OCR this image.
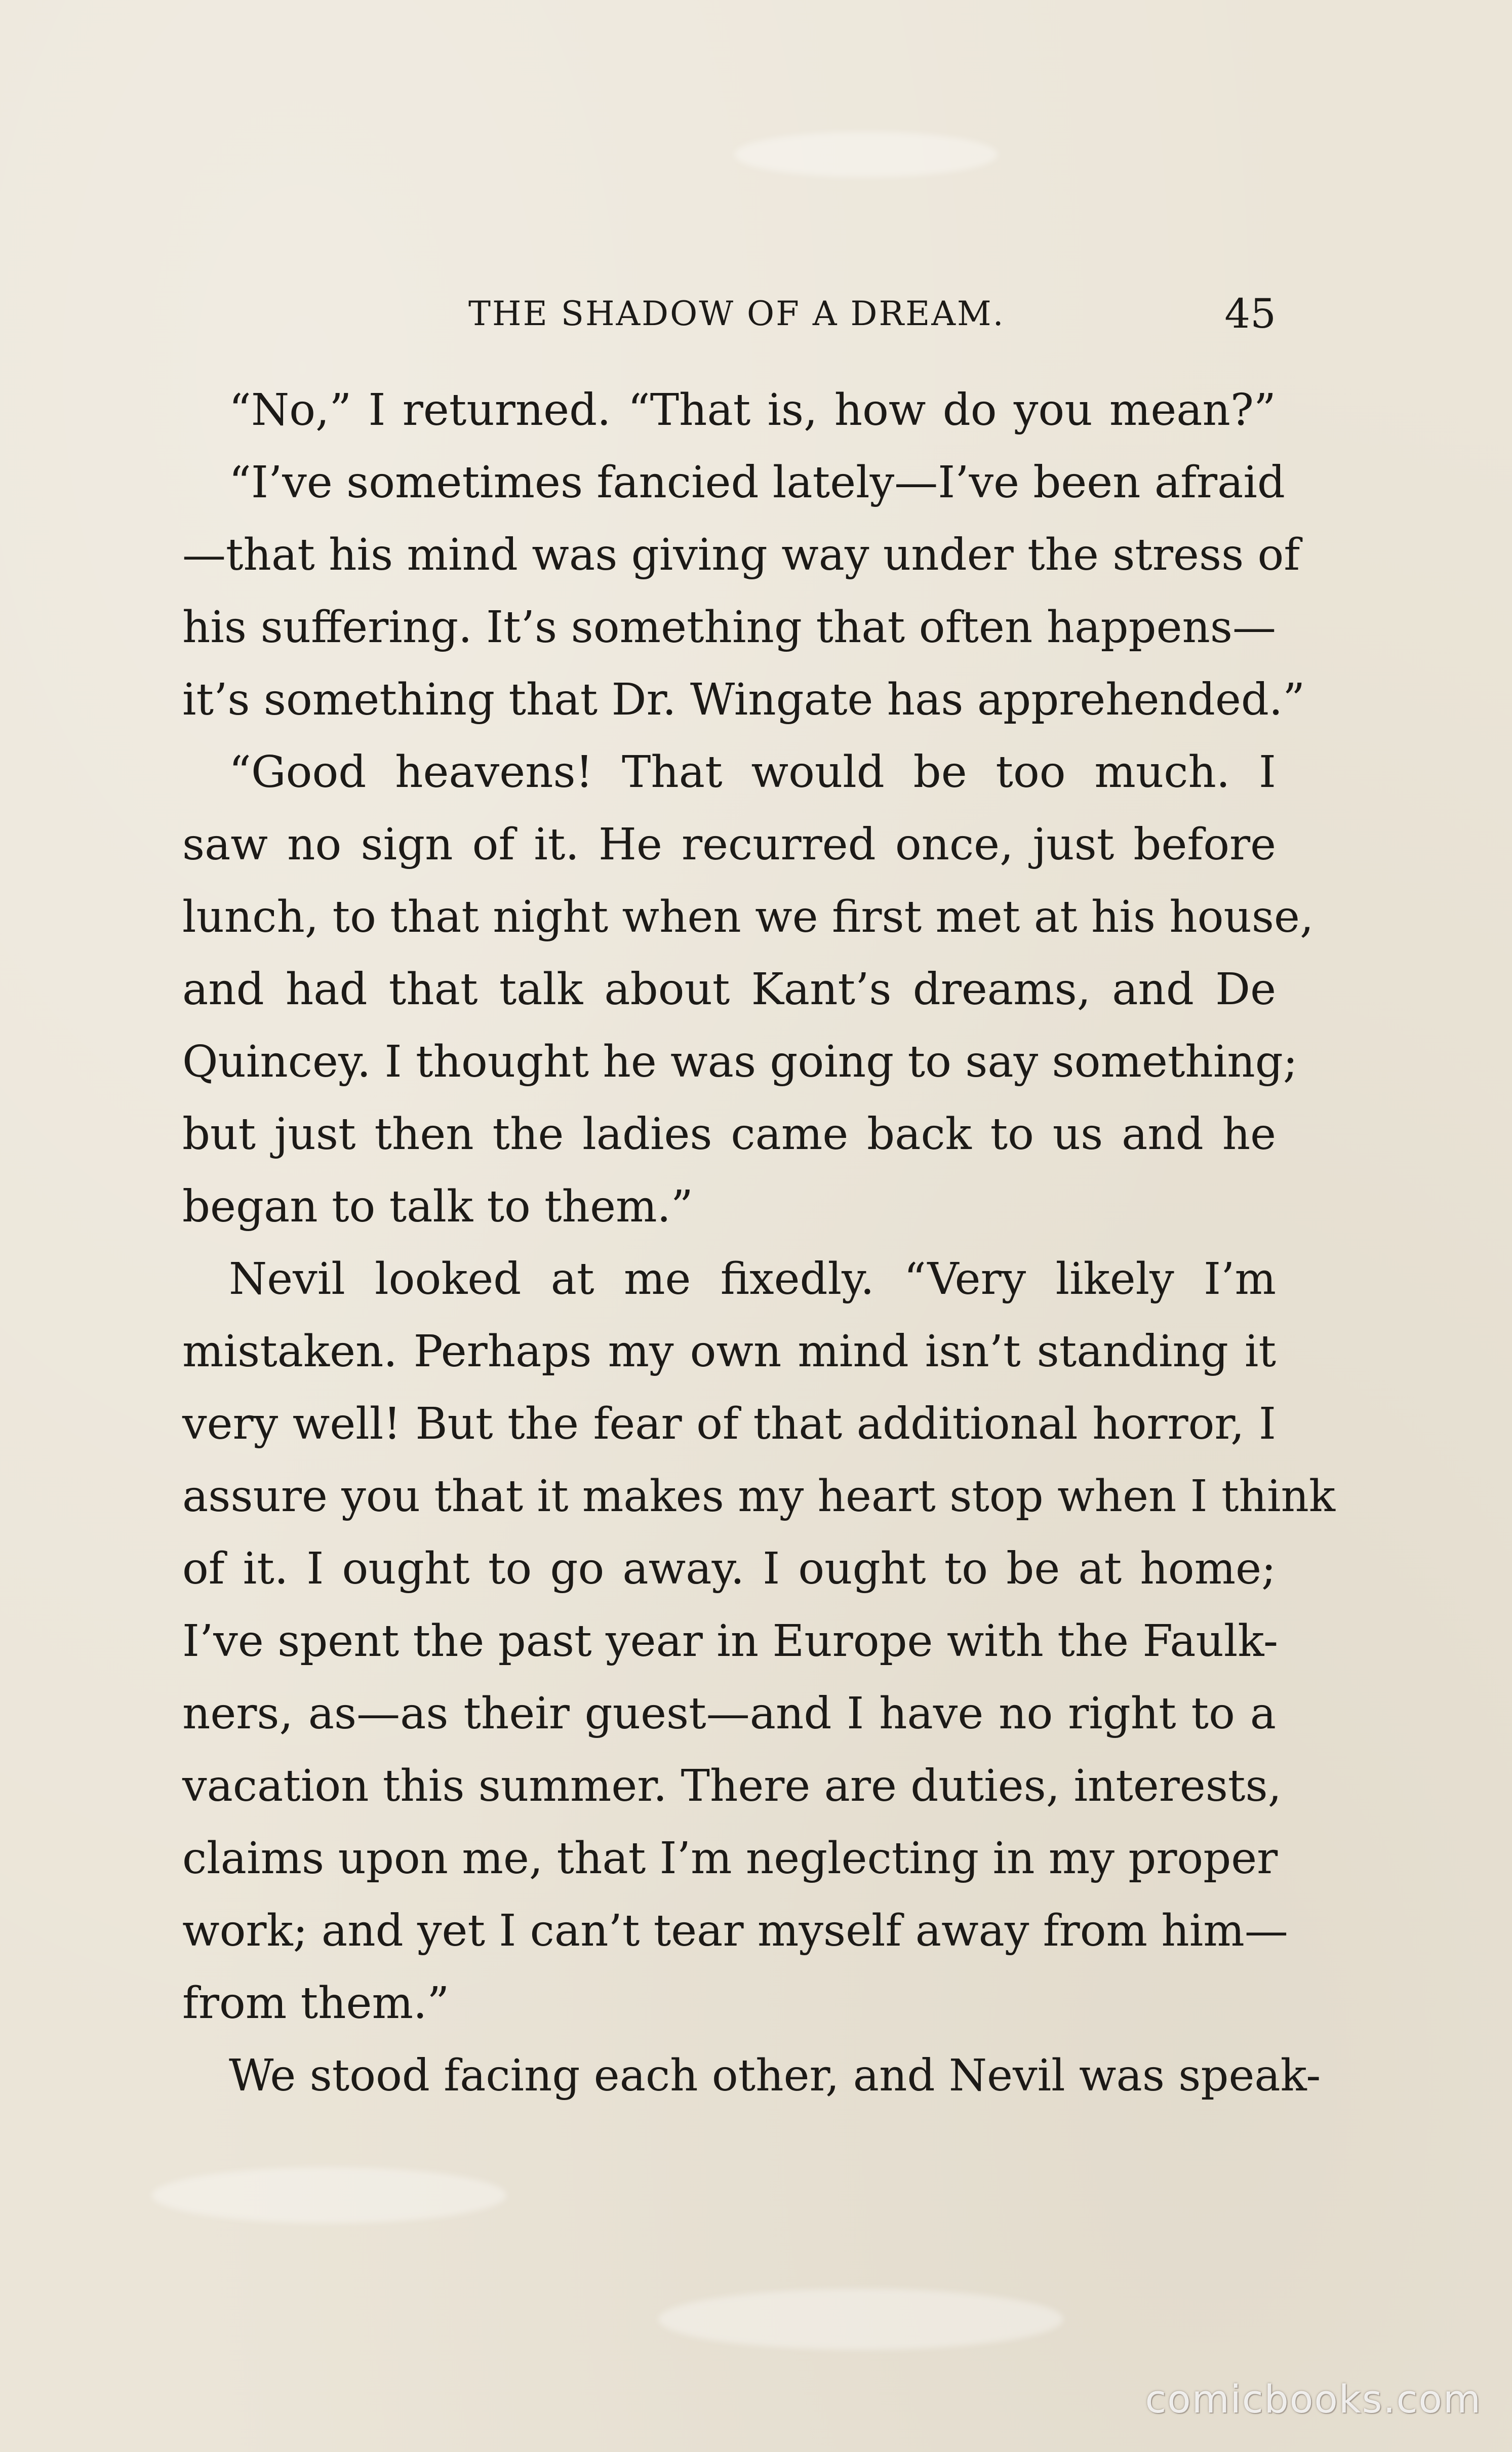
THE SHADOW OF A DREAM.	45
“No,” I returned. “That is, how do you mean?”
“I’ve sometimes fancied lately—I’ve been afraid
—that his mind was giving way under the stress of
his suffering. It’s something that often happens—
it’s something that Dr. Wingate has apprehended.”
“Good heavens! That would be too much. I
saw no sign of it. He recurred once, just before
lunch, to that night when we first met at his house,
and had that talk about Kant’s dreams, and De
Quincey. I thought he was going to say something;
but just then the ladies came back to us and he
began to talk to them.”
Nevil looked at me fixedly. “Very likely I’m
mistaken. Perhaps my own mind isn’t standing it
very well! But the fear of that additional horror, I
assure you that it makes my heart stop when I think
of it. I ought to go away. I ought to be at home;
I’ve spent the past year in Europe with the Faulk-
ners, as—as their guest—and I have no right to a
vacation this summer. There are duties, interests,
claims upon me, that I’m neglecting in my proper
work; and yet I can’t tear myself away from him—
from them.”
We stood facing each other, and Nevil was speak-
comicbooks.com
